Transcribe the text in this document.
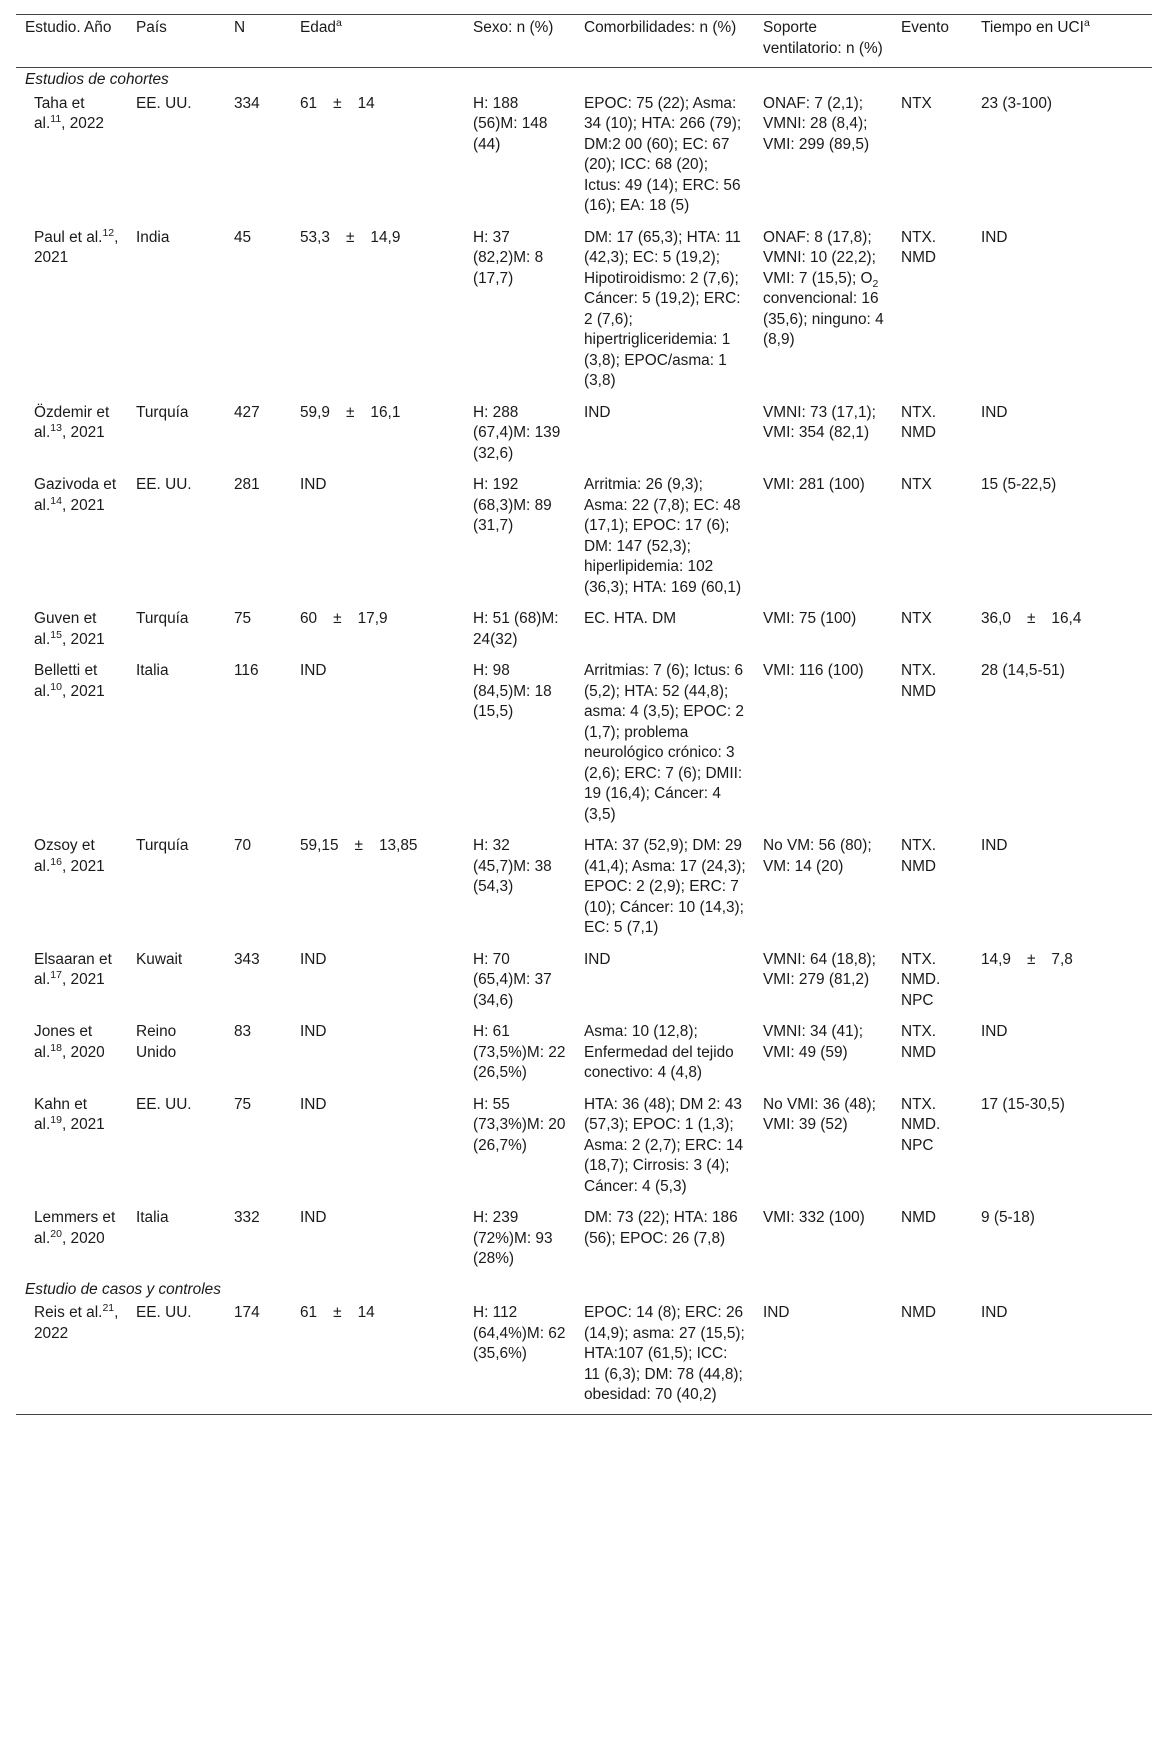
Estudio. Año	País	N	Edad$^a$	Sexo: n (%)	Comorbilidades: n (%)	Soporte ventilatorio: n (%)	Evento	Tiempo en UCI$^a$
Estudios de cohortes								
Taha et al.$^{11}$, 2022	EE. UU.	334	61 ± 14	H: 188 (56)M: 148 (44)	EPOC: 75 (22); Asma: 34 (10); HTA: 266 (79); DM:2 00 (60); EC: 67 (20); ICC: 68 (20); Ictus: 49 (14); ERC: 56 (16); EA: 18 (5)	ONAF: 7 (2,1); VMNI: 28 (8,4); VMI: 299 (89,5)	NTX	23 (3-100)
Paul et al.$^{12}$, 2021	India	45	53,3 ± 14,9	H: 37 (82,2)M: 8 (17,7)	DM: 17 (65,3); HTA: 11 (42,3); EC: 5 (19,2); Hipotiroidismo: 2 (7,6); Cáncer: 5 (19,2); ERC: 2 (7,6); hipertrigliceridemia: 1 (3,8); EPOC/asma: 1 (3,8)	ONAF: 8 (17,8); VMNI: 10 (22,2); VMI: 7 (15,5); $O_2$ convencional: 16 (35,6); ninguno: 4 (8,9)	NTX. NMD	IND
Özdemir et al.$^{13}$, 2021	Turquía	427	59,9 ± 16,1	H: 288 (67,4)M: 139 (32,6)	IND	VMNI: 73 (17,1); VMI: 354 (82,1)	NTX. NMD	IND
Gazivoda et al.$^{14}$, 2021	EE. UU.	281	IND	H: 192 (68,3)M: 89 (31,7)	Arritmia: 26 (9,3); Asma: 22 (7,8); EC: 48 (17,1); EPOC: 17 (6); DM: 147 (52,3); hiperlipidemia: 102 (36,3); HTA: 169 (60,1)	VMI: 281 (100)	NTX	15 (5-22,5)
Guven et al.$^{15}$, 2021	Turquía	75	60 ± 17,9	H: 51 (68)M: 24(32)	EC. HTA. DM	VMI: 75 (100)	NTX	36,0 ± 16,4
Belletti et al.$^{10}$, 2021	Italia	116	IND	H: 98 (84,5)M: 18 (15,5)	Arritmias: 7 (6); Ictus: 6 (5,2); HTA: 52 (44,8); asma: 4 (3,5); EPOC: 2 (1,7); problema neurológico crónico: 3 (2,6); ERC: 7 (6); DMII: 19 (16,4); Cáncer: 4 (3,5)	VMI: 116 (100)	NTX. NMD	28 (14,5-51)
Ozsoy et al.$^{16}$, 2021	Turquía	70	59,15 ± 13,85	H: 32 (45,7)M: 38 (54,3)	HTA: 37 (52,9); DM: 29 (41,4); Asma: 17 (24,3); EPOC: 2 (2,9); ERC: 7 (10); Cáncer: 10 (14,3); EC: 5 (7,1)	No VM: 56 (80); VM: 14 (20)	NTX. NMD	IND
Elsaaran et al.$^{17}$, 2021	Kuwait	343	IND	H: 70 (65,4)M: 37 (34,6)	IND	VMNI: 64 (18,8); VMI: 279 (81,2)	NTX. NMD. NPC	14,9 ± 7,8
Jones et al.$^{18}$, 2020	Reino Unido	83	IND	H: 61 (73,5%)M: 22 (26,5%)	Asma: 10 (12,8); Enfermedad del tejido conectivo: 4 (4,8)	VMNI: 34 (41); VMI: 49 (59)	NTX. NMD	IND
Kahn et al.$^{19}$, 2021	EE. UU.	75	IND	H: 55 (73,3%)M: 20 (26,7%)	HTA: 36 (48); DM 2: 43 (57,3); EPOC: 1 (1,3); Asma: 2 (2,7); ERC: 14 (18,7); Cirrosis: 3 (4); Cáncer: 4 (5,3)	No VMI: 36 (48); VMI: 39 (52)	NTX. NMD. NPC	17 (15-30,5)
Lemmers et al.$^{20}$, 2020	Italia	332	IND	H: 239 (72%)M: 93 (28%)	DM: 73 (22); HTA: 186 (56); EPOC: 26 (7,8)	VMI: 332 (100)	NMD	9 (5-18)
Estudio de casos y controles								
Reis et al.$^{21}$, 2022	EE. UU.	174	61 ± 14	H: 112 (64,4%)M: 62 (35,6%)	EPOC: 14 (8); ERC: 26 (14,9); asma: 27 (15,5); HTA:107 (61,5); ICC: 11 (6,3); DM: 78 (44,8); obesidad: 70 (40,2)	IND	NMD	IND
